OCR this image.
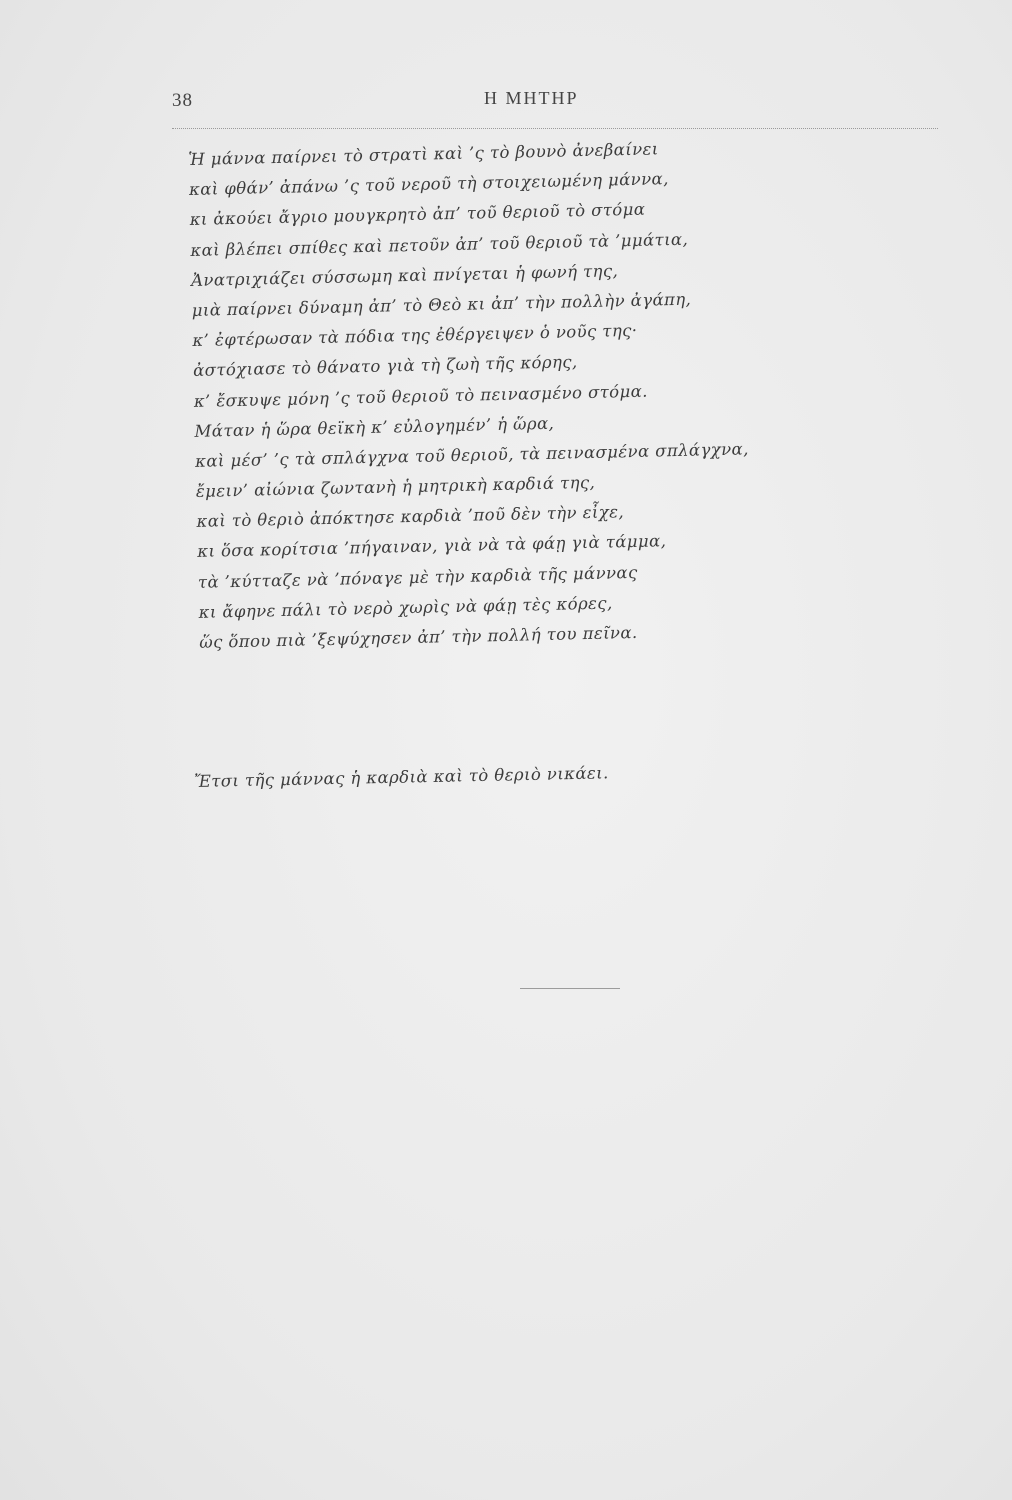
38	Η ΜΗΤΗΡ
Ἡ μάννα παίρνει τὸ στρατὶ καὶ ’ς τὸ βουνὸ ἀνεβαίνει
καὶ φθάν’ ἀπάνω ’ς τοῦ νεροῦ τὴ στοιχειωμένη μάννα,
κι ἀκούει ἄγριο μουγκρητὸ ἀπ’ τοῦ θεριοῦ τὸ στόμα
καὶ βλέπει σπίθες καὶ πετοῦν ἀπ’ τοῦ θεριοῦ τὰ ’μμάτια,
Ἀνατριχιάζει σύσσωμη καὶ πνίγεται ἡ φωνή της,
μιὰ παίρνει δύναμη ἀπ’ τὸ Θεὸ κι ἀπ’ τὴν πολλὴν ἀγάπη,
κ’ ἐφτέρωσαν τὰ πόδια της ἐθέργειψεν ὁ νοῦς της·
ἀστόχιασε τὸ θάνατο γιὰ τὴ ζωὴ τῆς κόρης,
κ’ ἔσκυψε μόνη ’ς τοῦ θεριοῦ τὸ πεινασμένο στόμα.
Μάταν ἡ ὥρα θεϊκὴ κ’ εὐλογημέν’ ἡ ὥρα,
καὶ μέσ’ ’ς τὰ σπλάγχνα τοῦ θεριοῦ, τὰ πεινασμένα σπλάγχνα,
ἔμειν’ αἰώνια ζωντανὴ ἡ μητρικὴ καρδιά της,
καὶ τὸ θεριὸ ἀπόκτησε καρδιὰ ’ποῦ δὲν τὴν εἶχε,
κι ὅσα κορίτσια ’πήγαιναν, γιὰ νὰ τὰ φάῃ γιὰ τάμμα,
τὰ ’κύτταζε νὰ ’πόναγε μὲ τὴν καρδιὰ τῆς μάννας
κι ἄφηνε πάλι τὸ νερὸ χωρὶς νὰ φάῃ τὲς κόρες,
ὥς ὅπου πιὰ ’ξεψύχησεν ἀπ’ τὴν πολλή του πεῖνα.
Ἔτσι τῆς μάννας ἡ καρδιὰ καὶ τὸ θεριὸ νικάει.
